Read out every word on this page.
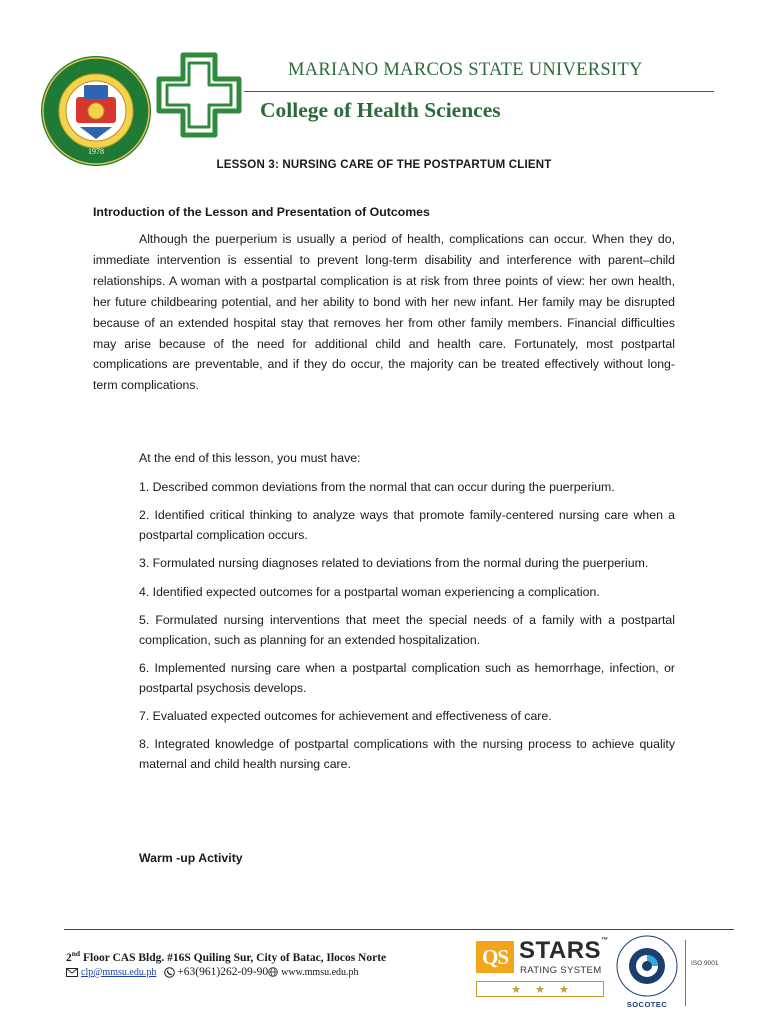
1978
MARIANO MARCOS STATE UNIVERSITY
College of Health Sciences
LESSON 3: NURSING CARE OF THE POSTPARTUM CLIENT
Introduction of the Lesson and Presentation of Outcomes

Although the puerperium is usually a period of health, complications can occur. When they do, immediate intervention is essential to prevent long-term disability and interference with parent–child relationships. A woman with a postpartal complication is at risk from three points of view: her own health, her future childbearing potential, and her ability to bond with her new infant. Her family may be disrupted because of an extended hospital stay that removes her from other family members. Financial difficulties may arise because of the need for additional child and health care. Fortunately, most postpartal complications are preventable, and if they do occur, the majority can be treated effectively without long-term complications.

At the end of this lesson, you must have:

1. Described common deviations from the normal that can occur during the puerperium.

2. Identified critical thinking to analyze ways that promote family-centered nursing care when a postpartal complication occurs.

3. Formulated nursing diagnoses related to deviations from the normal during the puerperium.

4. Identified expected outcomes for a postpartal woman experiencing a complication.

5. Formulated nursing interventions that meet the special needs of a family with a postpartal complication, such as planning for an extended hospitalization.

6. Implemented nursing care when a postpartal complication such as hemorrhage, infection, or postpartal psychosis develops.

7. Evaluated expected outcomes for achievement and effectiveness of care.

8. Integrated knowledge of postpartal complications with the nursing process to achieve quality maternal and child health nursing care.

Warm -up Activity
2nd Floor CAS Bldg. #16S Quiling Sur, City of Batac, Ilocos Norte
clp@mmsu.edu.ph +63(961)262-09-90 www.mmsu.edu.ph
QS STARS™
RATING SYSTEM
★ ★ ★
SOCOTEC
ISO 9001
